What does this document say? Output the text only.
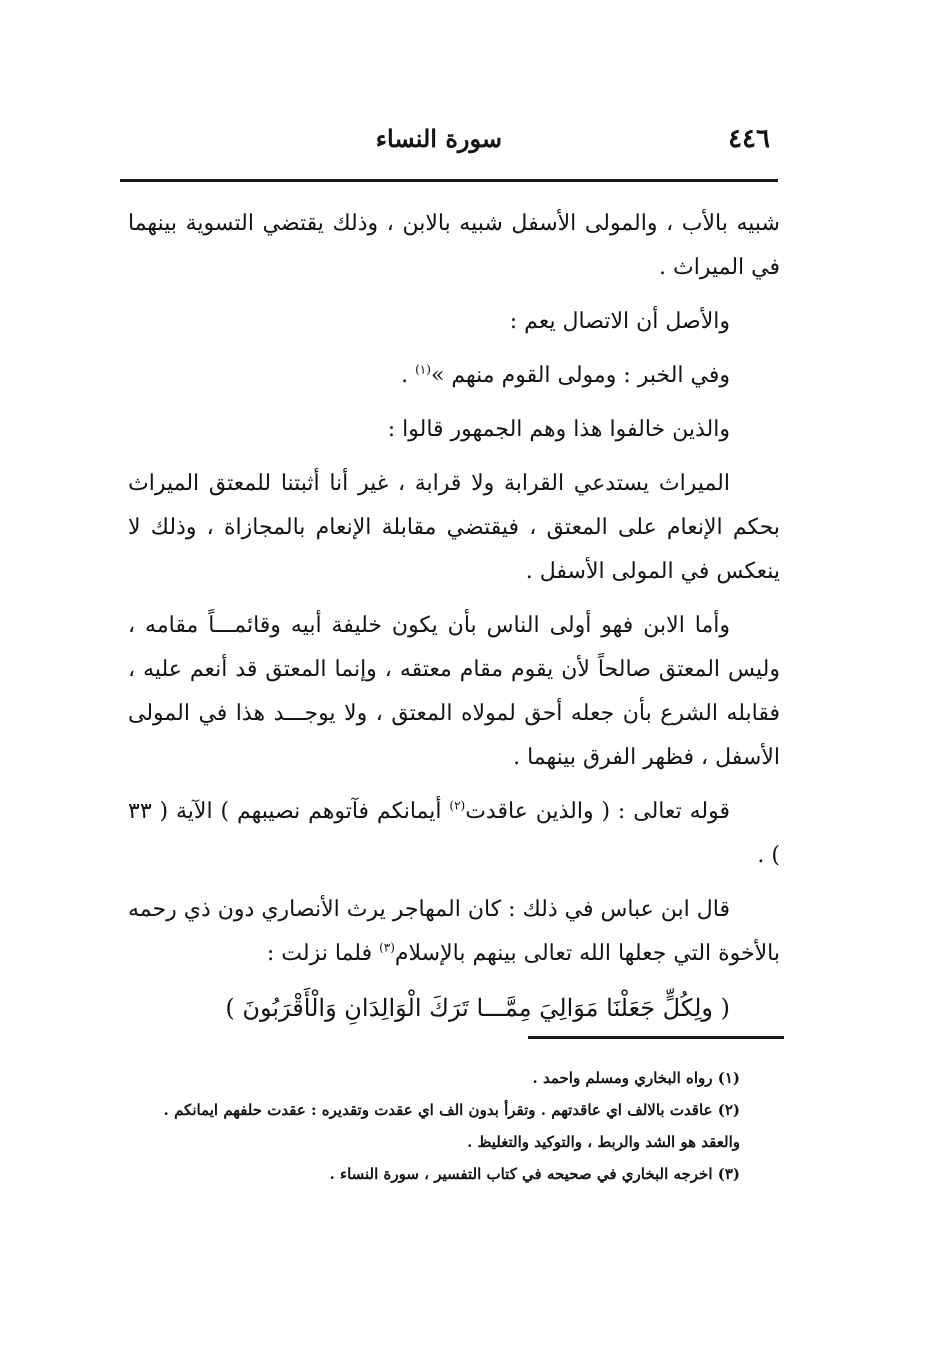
٤٤٦
سورة النساء

شبيه بالأب ، والمولى الأسفل شبيه بالابن ، وذلك يقتضي التسوية بينهما في الميراث .

والأصل أن الاتصال يعم :

وفي الخبر : ومولى القوم منهم »$^{(١)}$ .

والذين خالفوا هذا وهم الجمهور قالوا :

الميراث يستدعي القرابة ولا قرابة ، غير أنا أثبتنا للمعتق الميراث بحكم الإنعام على المعتق ، فيقتضي مقابلة الإنعام بالمجازاة ، وذلك لا ينعكس في المولى الأسفل .

وأما الابن فهو أولى الناس بأن يكون خليفة أبيه وقائمـــاً مقامه ، وليس المعتق صالحاً لأن يقوم مقام معتقه ، وإنما المعتق قد أنعم عليه ، فقابله الشرع بأن جعله أحق لمولاه المعتق ، ولا يوجـــد هذا في المولى الأسفل ، فظهر الفرق بينهما .

قوله تعالى : ( والذين عاقدت$^{(٢)}$ أيمانكم فآتوهم نصيبهم ) الآية ( ٣٣ ) .

قال ابن عباس في ذلك : كان المهاجر يرث الأنصاري دون ذي رحمه بالأخوة التي جعلها الله تعالى بينهم بالإسلام$^{(٣)}$ فلما نزلت :

( ولِكُلٍّ جَعَلْنَا مَوَالِيَ مِمَّـــا تَرَكَ الْوَالِدَانِ وَالْأَقْرَبُونَ )

(١) رواه البخاري ومسلم واحمد .

(٢) عاقدت بالالف اي عاقدتهم . وتقرأ بدون الف اي عقدت وتقديره : عقدت حلفهم ايمانكم . والعقد هو الشد والربط ، والتوكيد والتغليظ .

(٣) اخرجه البخاري في صحيحه في كتاب التفسير ، سورة النساء .
